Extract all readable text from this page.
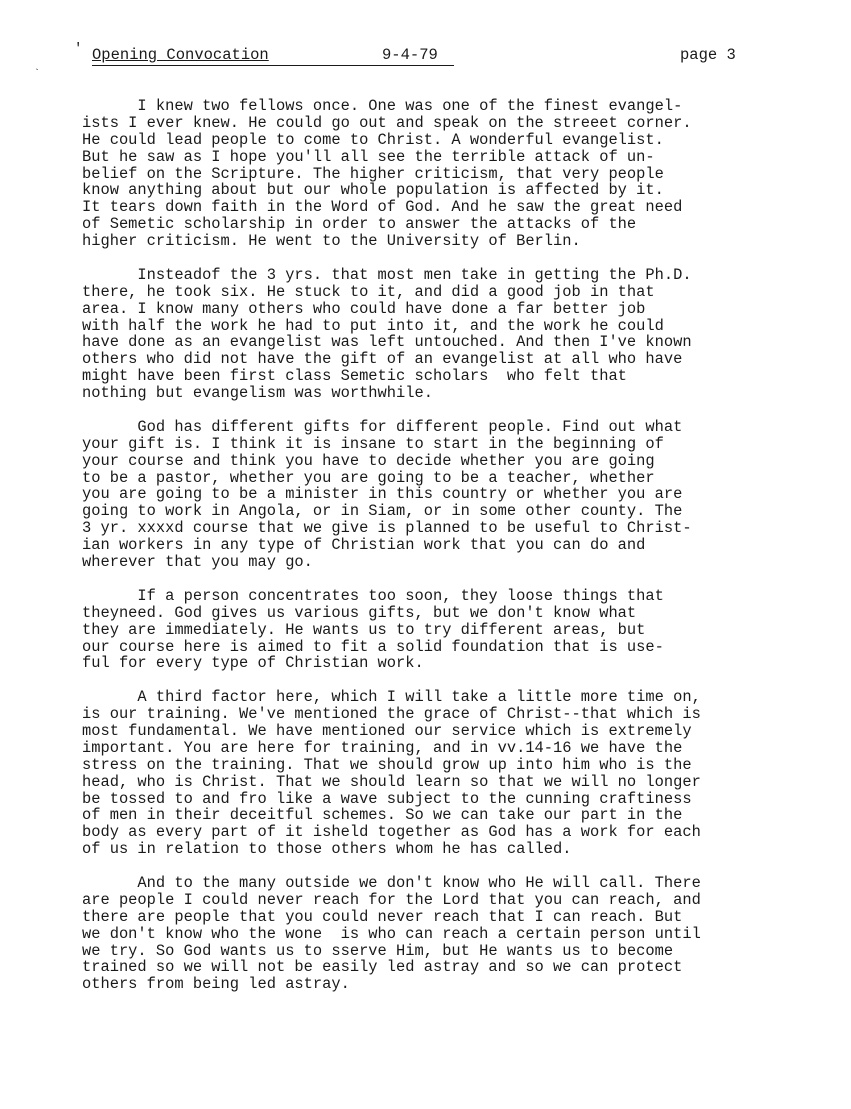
'
`
Opening Convocation	9-4-79	page 3
I knew two fellows once. One was one of the finest evangel-
ists I ever knew. He could go out and speak on the streeet corner.
He could lead people to come to Christ. A wonderful evangelist.
But he saw as I hope you'll all see the terrible attack of un-
belief on the Scripture. The higher criticism, that very people
know anything about but our whole population is affected by it.
It tears down faith in the Word of God. And he saw the great need
of Semetic scholarship in order to answer the attacks of the
higher criticism. He went to the University of Berlin.
Insteadof the 3 yrs. that most men take in getting the Ph.D.
there, he took six. He stuck to it, and did a good job in that
area. I know many others who could have done a far better job
with half the work he had to put into it, and the work he could
have done as an evangelist was left untouched. And then I've known
others who did not have the gift of an evangelist at all who have
might have been first class Semetic scholars  who felt that
nothing but evangelism was worthwhile.
God has different gifts for different people. Find out what
your gift is. I think it is insane to start in the beginning of
your course and think you have to decide whether you are going
to be a pastor, whether you are going to be a teacher, whether
you are going to be a minister in this country or whether you are
going to work in Angola, or in Siam, or in some other county. The
3 yr. xxxxd course that we give is planned to be useful to Christ-
ian workers in any type of Christian work that you can do and
wherever that you may go.
If a person concentrates too soon, they loose things that
theyneed. God gives us various gifts, but we don't know what
they are immediately. He wants us to try different areas, but
our course here is aimed to fit a solid foundation that is use-
ful for every type of Christian work.
A third factor here, which I will take a little more time on,
is our training. We've mentioned the grace of Christ--that which is
most fundamental. We have mentioned our service which is extremely
important. You are here for training, and in vv.14-16 we have the
stress on the training. That we should grow up into him who is the
head, who is Christ. That we should learn so that we will no longer
be tossed to and fro like a wave subject to the cunning craftiness
of men in their deceitful schemes. So we can take our part in the
body as every part of it isheld together as God has a work for each
of us in relation to those others whom he has called.
And to the many outside we don't know who He will call. There
are people I could never reach for the Lord that you can reach, and
there are people that you could never reach that I can reach. But
we don't know who the wone  is who can reach a certain person until
we try. So God wants us to sserve Him, but He wants us to become
trained so we will not be easily led astray and so we can protect
others from being led astray.
